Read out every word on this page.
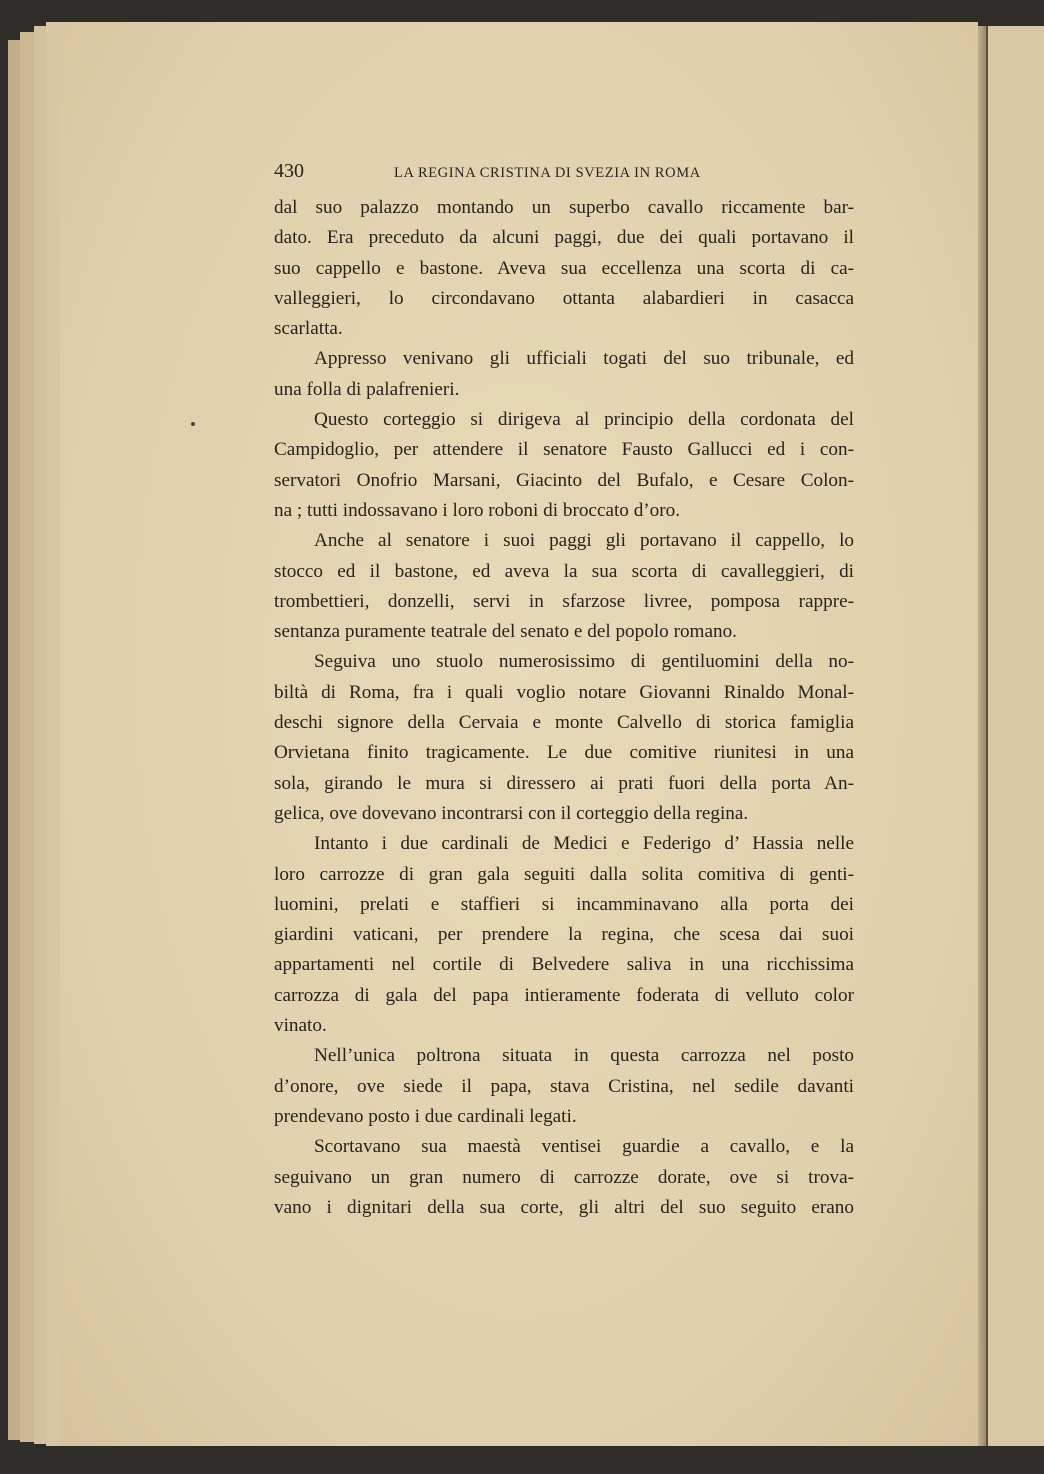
430	LA REGINA CRISTINA DI SVEZIA IN ROMA
dal suo palazzo montando un superbo cavallo riccamente bar-
dato. Era preceduto da alcuni paggi, due dei quali portavano il
suo cappello e bastone. Aveva sua eccellenza una scorta di ca-
valleggieri, lo circondavano ottanta alabardieri in casacca
scarlatta.
Appresso venivano gli ufficiali togati del suo tribunale, ed
una folla di palafrenieri.
Questo corteggio si dirigeva al principio della cordonata del
Campidoglio, per attendere il senatore Fausto Gallucci ed i con-
servatori Onofrio Marsani, Giacinto del Bufalo, e Cesare Colon-
na ; tutti indossavano i loro roboni di broccato d’oro.
Anche al senatore i suoi paggi gli portavano il cappello, lo
stocco ed il bastone, ed aveva la sua scorta di cavalleggieri, di
trombettieri, donzelli, servi in sfarzose livree, pomposa rappre-
sentanza puramente teatrale del senato e del popolo romano.
Seguiva uno stuolo numerosissimo di gentiluomini della no-
biltà di Roma, fra i quali voglio notare Giovanni Rinaldo Monal-
deschi signore della Cervaia e monte Calvello di storica famiglia
Orvietana finito tragicamente. Le due comitive riunitesi in una
sola, girando le mura si diressero ai prati fuori della porta An-
gelica, ove dovevano incontrarsi con il corteggio della regina.
Intanto i due cardinali de Medici e Federigo d’ Hassia nelle
loro carrozze di gran gala seguiti dalla solita comitiva di genti-
luomini, prelati e staffieri si incamminavano alla porta dei
giardini vaticani, per prendere la regina, che scesa dai suoi
appartamenti nel cortile di Belvedere saliva in una ricchissima
carrozza di gala del papa intieramente foderata di velluto color
vinato.
Nell’unica poltrona situata in questa carrozza nel posto
d’onore, ove siede il papa, stava Cristina, nel sedile davanti
prendevano posto i due cardinali legati.
Scortavano sua maestà ventisei guardie a cavallo, e la
seguivano un gran numero di carrozze dorate, ove si trova-
vano i dignitari della sua corte, gli altri del suo seguito erano
